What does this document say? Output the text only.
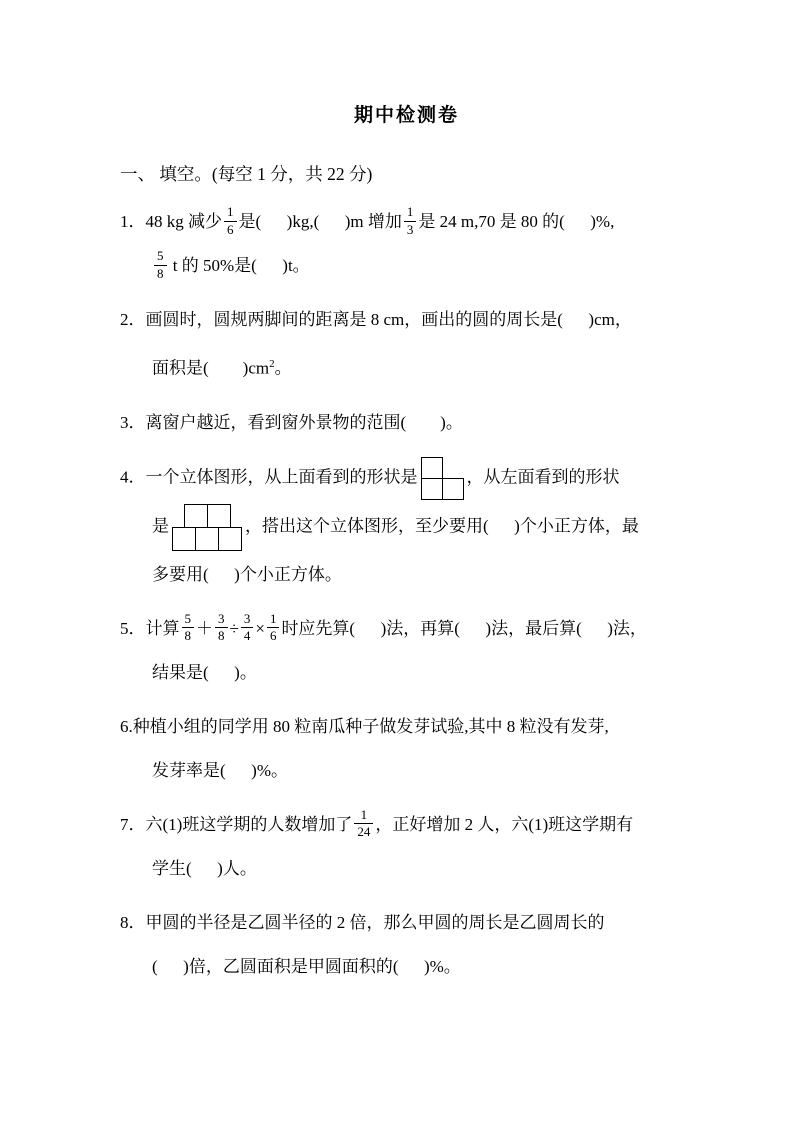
期中检测卷
一、 填空。(每空 1 分，共 22 分)
1．48 kg 减少 $\frac{1}{6}$ 是(      )kg,(      )m 增加 $\frac{1}{3}$ 是 24 m,70 是 80 的(      )%,
$\frac{5}{8}$ t 的 50%是(      )t。
2．画圆时，圆规两脚间的距离是 8 cm，画出的圆的周长是(      )cm，
面积是(        )$cm^2$。
3．离窗户越近，看到窗外景物的范围(        )。
4．一个立体图形，从上面看到的形状是	，从左面看到的形状
是	，搭出这个立体图形，至少要用(      )个小正方体，最
多要用(      )个小正方体。
5．计算 $\frac{5}{8} + \frac{3}{8} \div \frac{3}{4} \times \frac{1}{6}$ 时应先算(      )法，再算(      )法，最后算(      )法，
结果是(      )。
6.种植小组的同学用 80 粒南瓜种子做发芽试验,其中 8 粒没有发芽,
发芽率是(      )%。
7．六(1)班这学期的人数增加了 $\frac{1}{24}$ ，正好增加 2 人，六(1)班这学期有
学生(      )人。
8．甲圆的半径是乙圆半径的 2 倍，那么甲圆的周长是乙圆周长的
(      )倍，乙圆面积是甲圆面积的(      )%。
